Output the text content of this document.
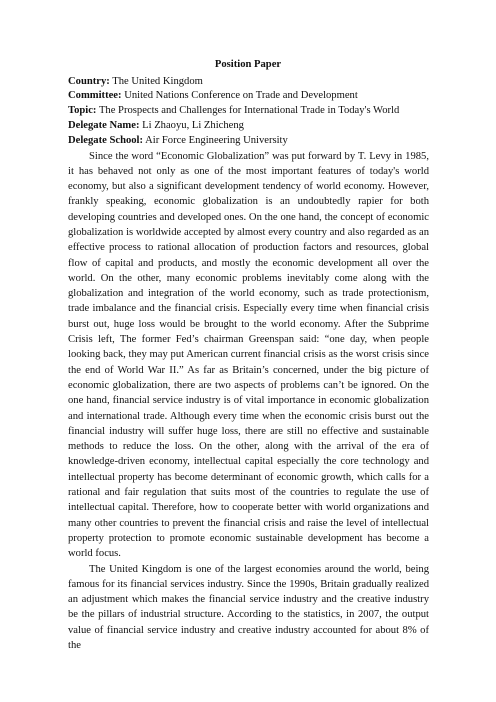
Position Paper
Country: The United Kingdom
Committee: United Nations Conference on Trade and Development
Topic: The Prospects and Challenges for International Trade in Today's World
Delegate Name: Li Zhaoyu, Li Zhicheng
Delegate School: Air Force Engineering University

Since the word “Economic Globalization” was put forward by T. Levy in 1985, it has behaved not only as one of the most important features of today's world economy, but also a significant development tendency of world economy. However, frankly speaking, economic globalization is an undoubtedly rapier for both developing countries and developed ones. On the one hand, the concept of economic globalization is worldwide accepted by almost every country and also regarded as an effective process to rational allocation of production factors and resources, global flow of capital and products, and mostly the economic development all over the world. On the other, many economic problems inevitably come along with the globalization and integration of the world economy, such as trade protectionism, trade imbalance and the financial crisis. Especially every time when financial crisis burst out, huge loss would be brought to the world economy. After the Subprime Crisis left, The former Fed’s chairman Greenspan said: “one day, when people looking back, they may put American current financial crisis as the worst crisis since the end of World War II.” As far as Britain’s concerned, under the big picture of economic globalization, there are two aspects of problems can’t be ignored. On the one hand, financial service industry is of vital importance in economic globalization and international trade. Although every time when the economic crisis burst out the financial industry will suffer huge loss, there are still no effective and sustainable methods to reduce the loss. On the other, along with the arrival of the era of knowledge-driven economy, intellectual capital especially the core technology and intellectual property has become determinant of economic growth, which calls for a rational and fair regulation that suits most of the countries to regulate the use of intellectual capital. Therefore, how to cooperate better with world organizations and many other countries to prevent the financial crisis and raise the level of intellectual property protection to promote economic sustainable development has become a world focus.

The United Kingdom is one of the largest economies around the world, being famous for its financial services industry. Since the 1990s, Britain gradually realized an adjustment which makes the financial service industry and the creative industry be the pillars of industrial structure. According to the statistics, in 2007, the output value of financial service industry and creative industry accounted for about 8% of the
